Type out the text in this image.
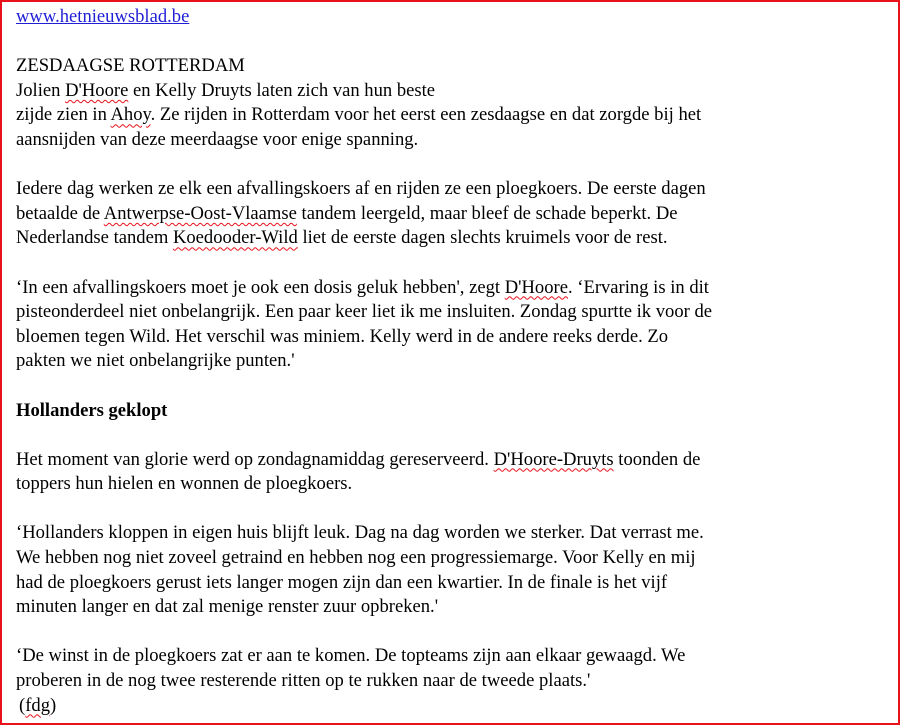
www.hetnieuwsblad.be
ZESDAAGSE ROTTERDAM
Jolien D'Hoore en Kelly Druyts laten zich van hun beste
zijde zien in Ahoy. Ze rijden in Rotterdam voor het eerst een zesdaagse en dat zorgde bij het
aansnijden van deze meerdaagse voor enige spanning.
Iedere dag werken ze elk een afvallingskoers af en rijden ze een ploegkoers. De eerste dagen
betaalde de Antwerpse-Oost-Vlaamse tandem leergeld, maar bleef de schade beperkt. De
Nederlandse tandem Koedooder-Wild liet de eerste dagen slechts kruimels voor de rest.
‘In een afvallingskoers moet je ook een dosis geluk hebben', zegt D'Hoore. ‘Ervaring is in dit
pisteonderdeel niet onbelangrijk. Een paar keer liet ik me insluiten. Zondag spurtte ik voor de
bloemen tegen Wild. Het verschil was miniem. Kelly werd in de andere reeks derde. Zo
pakten we niet onbelangrijke punten.'
Hollanders geklopt
Het moment van glorie werd op zondagnamiddag gereserveerd. D'Hoore-Druyts toonden de
toppers hun hielen en wonnen de ploegkoers.
‘Hollanders kloppen in eigen huis blijft leuk. Dag na dag worden we sterker. Dat verrast me.
We hebben nog niet zoveel getraind en hebben nog een progressiemarge. Voor Kelly en mij
had de ploegkoers gerust iets langer mogen zijn dan een kwartier. In de finale is het vijf
minuten langer en dat zal menige renster zuur opbreken.'
‘De winst in de ploegkoers zat er aan te komen. De topteams zijn aan elkaar gewaagd. We
proberen in de nog twee resterende ritten op te rukken naar de tweede plaats.'
(fdg)
